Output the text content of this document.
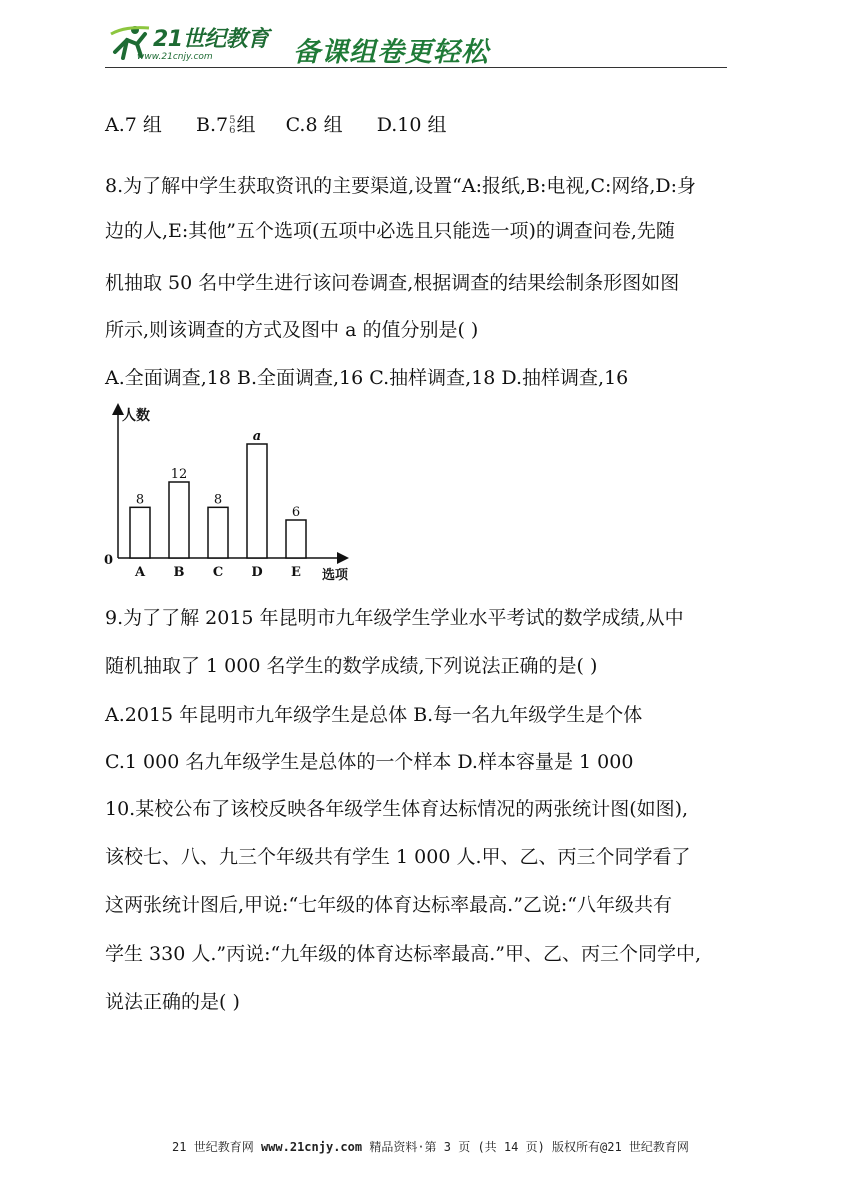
21世纪教育
www.21cnjy.com	备课组卷更轻松
A.7 组 B.7 5
6 组 C.8 组 D.10 组
8.为了解中学生获取资讯的主要渠道,设置“A:报纸,B:电视,C:网络,D:身
边的人,E:其他”五个选项(五项中必选且只能选一项)的调查问卷,先随
机抽取 50 名中学生进行该问卷调查,根据调查的结果绘制条形图如图
所示,则该调查的方式及图中 a 的值分别是( )
A.全面调查,18 B.全面调查,16 C.抽样调查,18 D.抽样调查,16
人数
选项
0
8
A
12
B
8
C
a
D
6
E
9.为了了解 2015 年昆明市九年级学生学业水平考试的数学成绩,从中
随机抽取了 1 000 名学生的数学成绩,下列说法正确的是( )
A.2015 年昆明市九年级学生是总体 B.每一名九年级学生是个体
C.1 000 名九年级学生是总体的一个样本 D.样本容量是 1 000
10.某校公布了该校反映各年级学生体育达标情况的两张统计图(如图),
该校七、八、九三个年级共有学生 1 000 人.甲、乙、丙三个同学看了
这两张统计图后,甲说:“七年级的体育达标率最高.”乙说:“八年级共有
学生 330 人.”丙说:“九年级的体育达标率最高.”甲、乙、丙三个同学中,
说法正确的是( )
21 世纪教育网 www.21cnjy.com 精品资料·第 3 页 (共 14 页) 版权所有@21 世纪教育网
